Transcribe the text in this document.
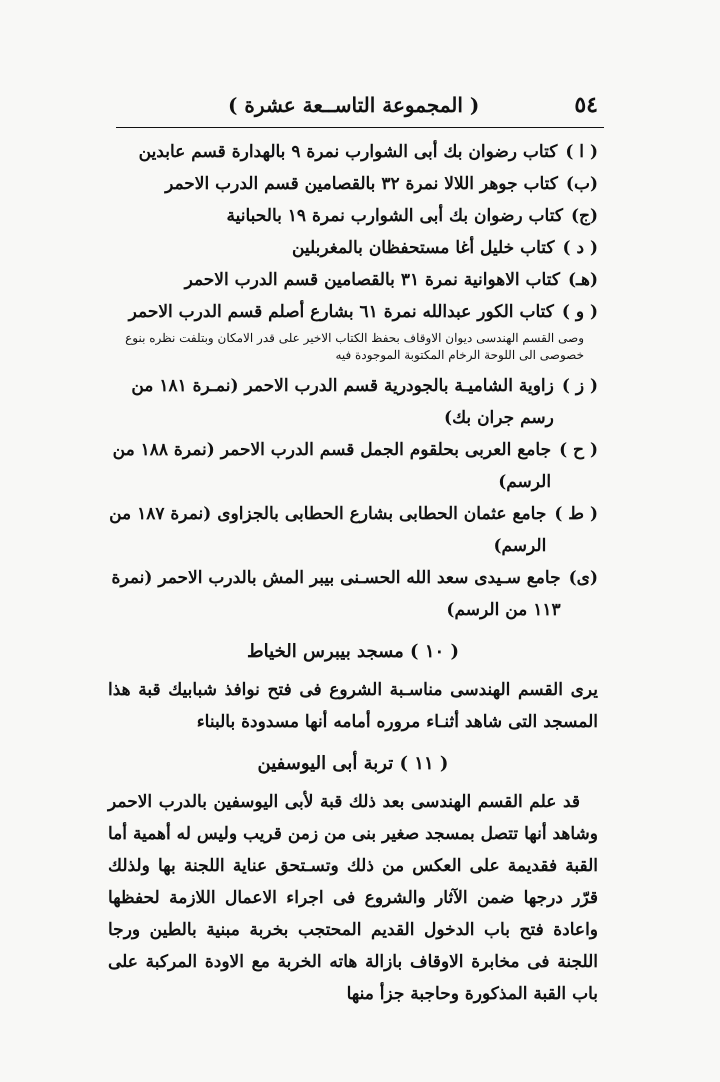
٥٤
( المجموعة التاســعة عشرة )
( ا )
كتاب رضوان بك أبى الشوارب نمرة ٩ بالهدارة قسم عابدين
(ب)
كتاب جوهر اللالا نمرة ٣٢ بالقصامين قسم الدرب الاحمر
(ج)
كتاب رضوان بك أبى الشوارب نمرة ١٩ بالحبانية
( د )
كتاب خليل أغا مستحفظان بالمغربلين
(هـ)
كتاب الاهوانية نمرة ٣١ بالقصامين قسم الدرب الاحمر
( و )
كتاب الكور عبدالله نمرة ٦١ بشارع أصلم قسم الدرب الاحمر
وصى القسم الهندسى ديوان الاوقاف بحفظ الكتاب الاخير على قدر الامكان وبتلفت نظره بنوع خصوصى الى اللوحة الرخام المكتوبة الموجودة فيه
( ز )
زاوية الشاميـة بالجودرية قسم الدرب الاحمر (نمـرة ١٨١ من رسم جران بك)
( ح )
جامع العربى بحلقوم الجمل قسم الدرب الاحمر (نمرة ١٨٨ من الرسم)
( ط )
جامع عثمان الحطابى بشارع الحطابى بالجزاوى (نمرة ١٨٧ من الرسم)
(ى)
جامع سـيدى سعد الله الحسـنى بيبر المش بالدرب الاحمر (نمرة ١١٣ من الرسم)
( ١٠ ) مسجد بيبرس الخياط
يرى القسم الهندسى مناسـبة الشروع فى فتح نوافذ شبابيك قبة هذا المسجد التى شاهد أثنـاء مروره أمامه أنها مسدودة بالبناء
( ١١ ) تربة أبى اليوسفين
قد علم القسم الهندسى بعد ذلك قبة لأبى اليوسفين بالدرب الاحمر وشاهد أنها تتصل بمسجد صغير بنى من زمن قريب وليس له أهمية أما القبة فقديمة على العكس من ذلك وتسـتحق عناية اللجنة بها ولذلك قرّر درجها ضمن الآثار والشروع فى اجراء الاعمال اللازمة لحفظها واعادة فتح باب الدخول القديم المحتجب بخربة مبنية بالطين ورجا اللجنة فى مخابرة الاوقاف بازالة هاته الخربة مع الاودة المركبة على باب القبة المذكورة وحاجبة جزأ منها
